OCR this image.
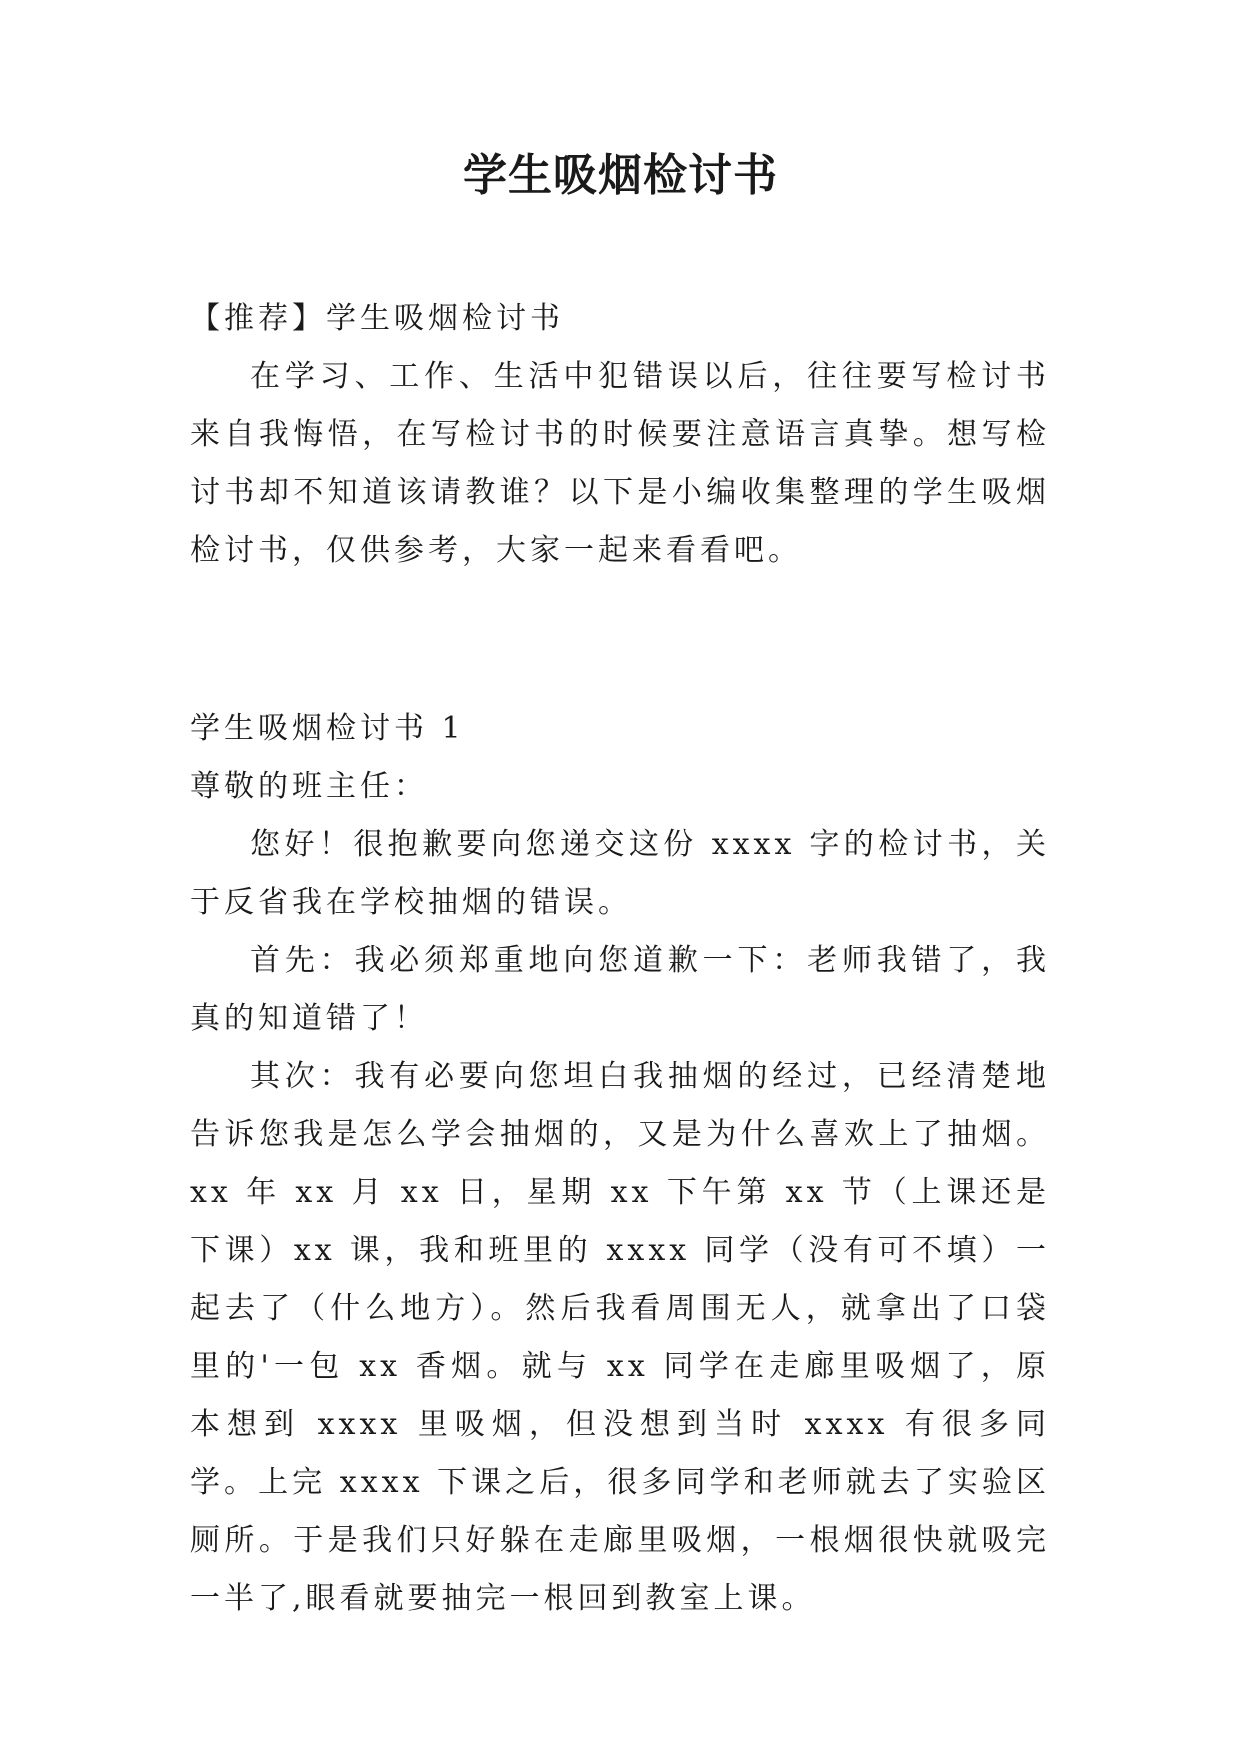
学生吸烟检讨书

【推荐】学生吸烟检讨书

在学习、工作、生活中犯错误以后，往往要写检讨书来自我悔悟，在写检讨书的时候要注意语言真挚。想写检讨书却不知道该请教谁？以下是小编收集整理的学生吸烟检讨书，仅供参考，大家一起来看看吧。

学生吸烟检讨书 1

尊敬的班主任：

您好！很抱歉要向您递交这份 xxxx 字的检讨书，关于反省我在学校抽烟的错误。

首先：我必须郑重地向您道歉一下：老师我错了，我真的知道错了！

其次：我有必要向您坦白我抽烟的经过，已经清楚地告诉您我是怎么学会抽烟的，又是为什么喜欢上了抽烟。xx 年 xx 月 xx 日，星期 xx 下午第 xx 节（上课还是下课）xx 课，我和班里的 xxxx 同学（没有可不填）一起去了（什么地方）。然后我看周围无人，就拿出了口袋里的'一包 xx 香烟。就与 xx 同学在走廊里吸烟了，原本想到 xxxx 里吸烟，但没想到当时 xxxx 有很多同学。上完 xxxx 下课之后，很多同学和老师就去了实验区厕所。于是我们只好躲在走廊里吸烟，一根烟很快就吸完一半了,眼看就要抽完一根回到教室上课。
